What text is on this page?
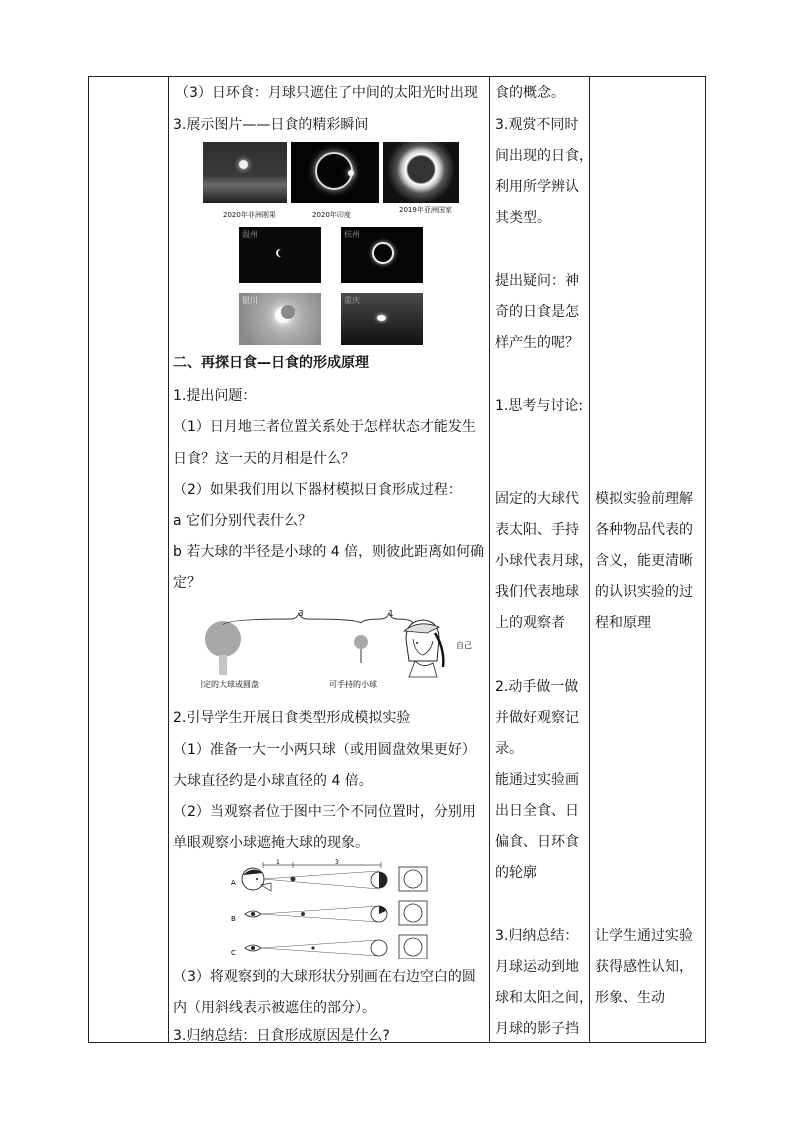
（3）日环食：月球只遮住了中间的太阳光时出现
3.展示图片——日食的精彩瞬间
2020年非洲刚果	2020年印度
2019年亚洲国家
温州	杭州
银川	重庆
二、再探日食—日食的形成原理
1.提出问题：
（1）日月地三者位置关系处于怎样状态才能发生
日食？这一天的月相是什么？
（2）如果我们用以下器材模拟日食形成过程：
a 它们分别代表什么？
b 若大球的半径是小球的 4 倍，则彼此距离如何确
定？
3	1
自己
固定的大球或圆盘	可手持的小球
2.引导学生开展日食类型形成模拟实验
（1）准备一大一小两只球（或用圆盘效果更好）
大球直径约是小球直径的 4 倍。
（2）当观察者位于图中三个不同位置时，分别用
单眼观察小球遮掩大球的现象。
1	3
A
B
C
（3）将观察到的大球形状分别画在右边空白的圆
内（用斜线表示被遮住的部分）。
3.归纳总结：日食形成原因是什么?
食的概念。
3.观赏不同时
间出现的日食，
利用所学辨认
其类型。
提出疑问：神
奇的日食是怎
样产生的呢？
1.思考与讨论:
固定的大球代
表太阳、手持
小球代表月球，
我们代表地球
上的观察者
2.动手做一做
并做好观察记
录。
能通过实验画
出日全食、日
偏食、日环食
的轮廓
3.归纳总结：
月球运动到地
球和太阳之间，
月球的影子挡
模拟实验前理解
各种物品代表的
含义，能更清晰
的认识实验的过
程和原理
让学生通过实验
获得感性认知，
形象、生动
